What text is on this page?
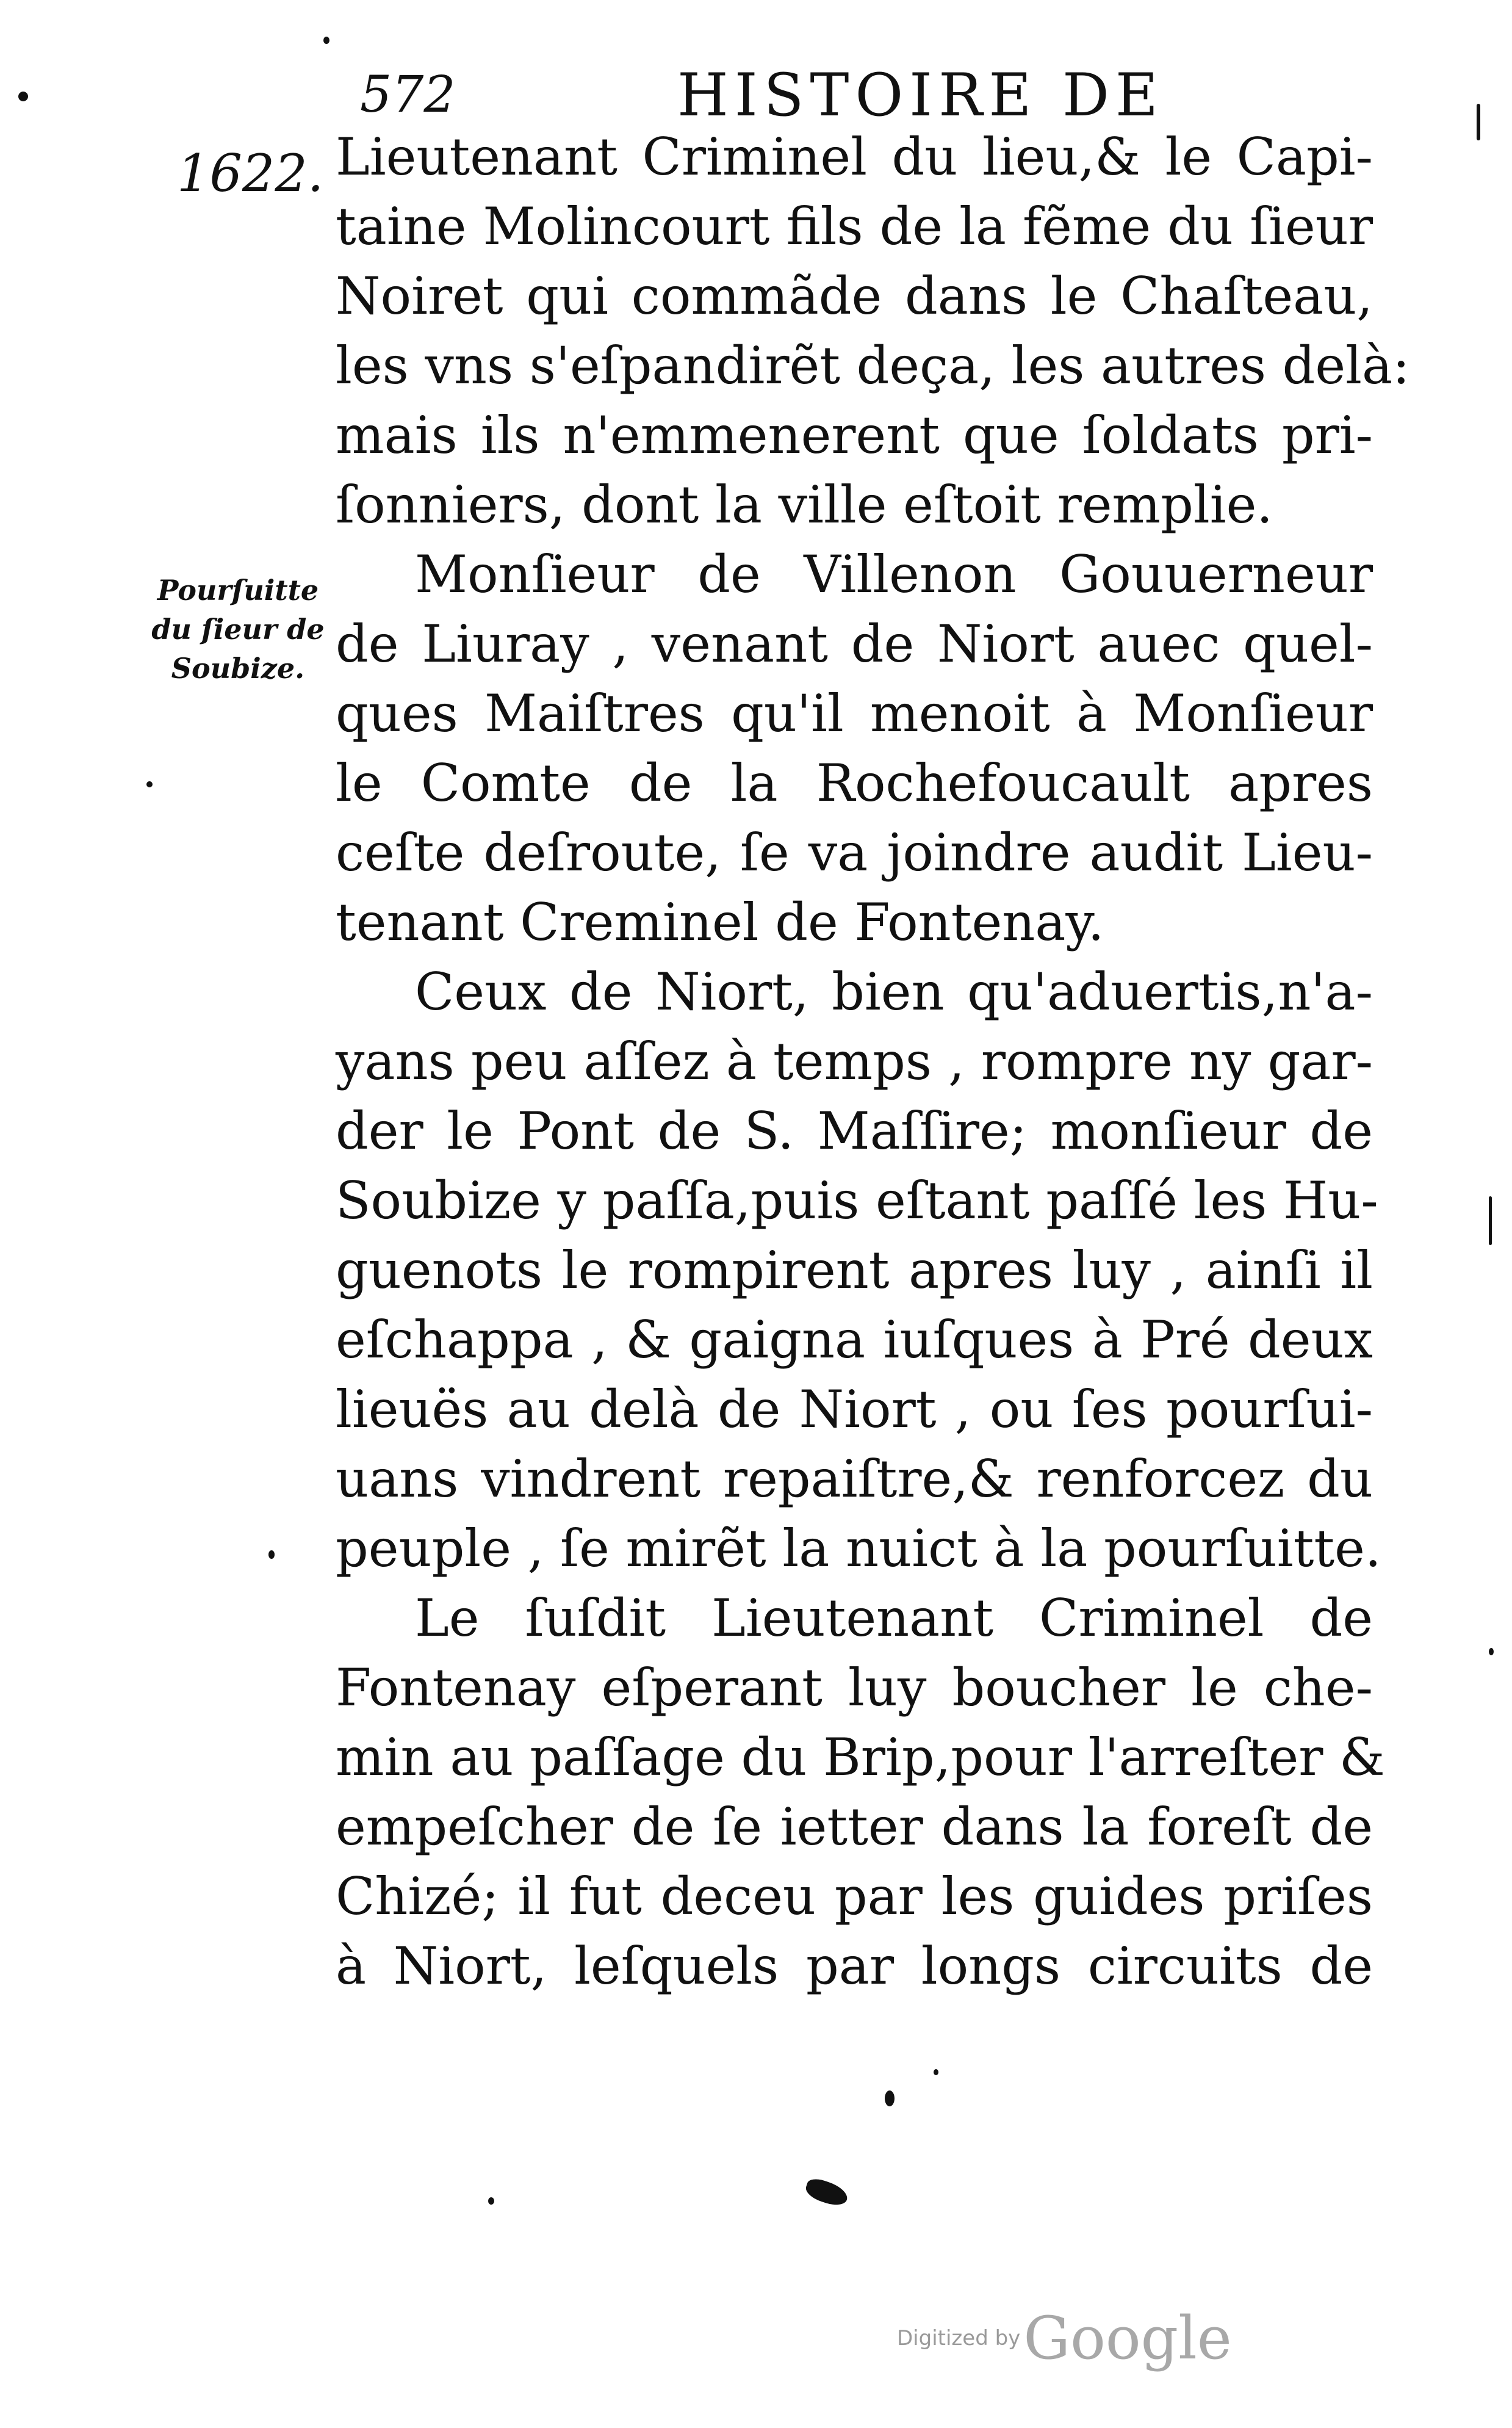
572	HISTOIRE DE
1622.
Pourſuitte
du ſieur de
Soubize.
Lieutenant Criminel du lieu,& le Capi-
taine Molincourt fils de la fẽme du ſieur
Noiret qui commãde dans le Chaſteau,
les vns s'eſpandirẽt deça, les autres delà:
mais ils n'emmenerent que ſoldats pri-
ſonniers, dont la ville eſtoit remplie.
Monſieur de Villenon Gouuerneur
de Liuray , venant de Niort auec quel-
ques Maiſtres qu'il menoit à Monſieur
le Comte de la Rochefoucault apres
ceſte deſroute, ſe va joindre audit Lieu-
tenant Creminel de Fontenay.
Ceux de Niort, bien qu'aduertis,n'a-
yans peu aſſez à temps , rompre ny gar-
der le Pont de S. Maſſire; monſieur de
Soubize y paſſa,puis eſtant paſſé les Hu-
guenots le rompirent apres luy , ainſi il
eſchappa , & gaigna iuſques à Pré deux
lieuës au delà de Niort , ou ſes pourſui-
uans vindrent repaiſtre,& renforcez du
peuple , ſe mirẽt la nuict à la pourſuitte.
Le ſuſdit Lieutenant Criminel de
Fontenay eſperant luy boucher le che-
min au paſſage du Brip,pour l'arreſter &
empeſcher de ſe ietter dans la foreſt de
Chizé; il fut deceu par les guides priſes
à Niort, leſquels par longs circuits de
Digitized by Google
